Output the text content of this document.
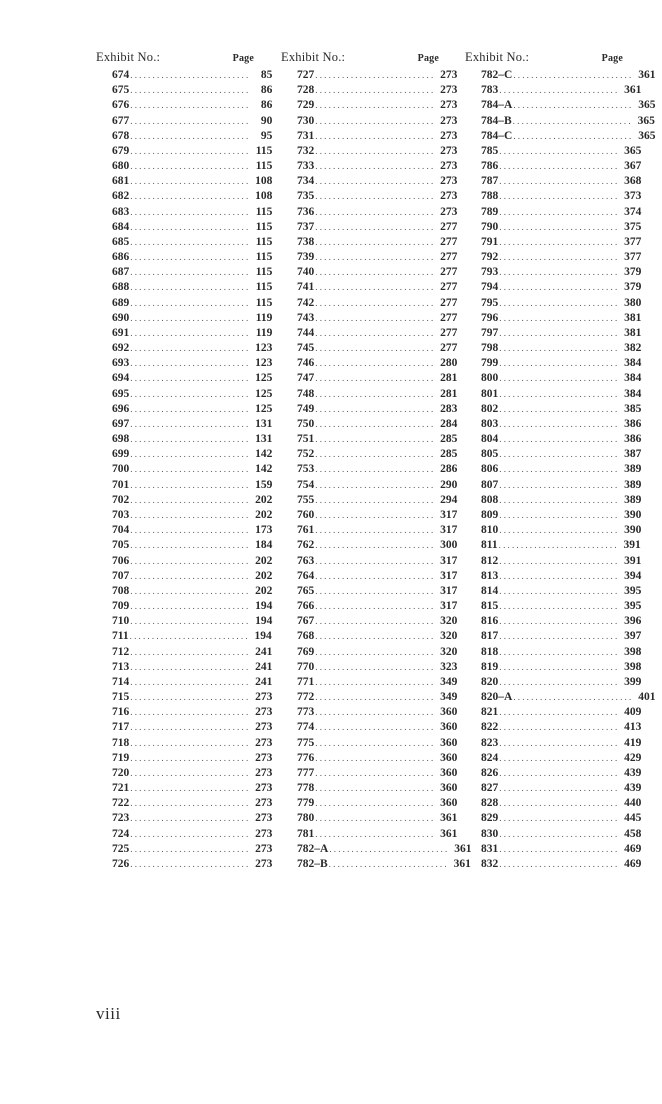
Exhibit No.:	Page
674 ........................... 85
675 ........................... 86
676 ........................... 86
677 ........................... 90
678 ........................... 95
679 ........................... 115
680 ........................... 115
681 ........................... 108
682 ........................... 108
683 ........................... 115
684 ........................... 115
685 ........................... 115
686 ........................... 115
687 ........................... 115
688 ........................... 115
689 ........................... 115
690 ........................... 119
691 ........................... 119
692 ........................... 123
693 ........................... 123
694 ........................... 125
695 ........................... 125
696 ........................... 125
697 ........................... 131
698 ........................... 131
699 ........................... 142
700 ........................... 142
701 ........................... 159
702 ........................... 202
703 ........................... 202
704 ........................... 173
705 ........................... 184
706 ........................... 202
707 ........................... 202
708 ........................... 202
709 ........................... 194
710 ........................... 194
711 ........................... 194
712 ........................... 241
713 ........................... 241
714 ........................... 241
715 ........................... 273
716 ........................... 273
717 ........................... 273
718 ........................... 273
719 ........................... 273
720 ........................... 273
721 ........................... 273
722 ........................... 273
723 ........................... 273
724 ........................... 273
725 ........................... 273
726 ........................... 273
Exhibit No.:	Page
727 ........................... 273
728 ........................... 273
729 ........................... 273
730 ........................... 273
731 ........................... 273
732 ........................... 273
733 ........................... 273
734 ........................... 273
735 ........................... 273
736 ........................... 273
737 ........................... 277
738 ........................... 277
739 ........................... 277
740 ........................... 277
741 ........................... 277
742 ........................... 277
743 ........................... 277
744 ........................... 277
745 ........................... 277
746 ........................... 280
747 ........................... 281
748 ........................... 281
749 ........................... 283
750 ........................... 284
751 ........................... 285
752 ........................... 285
753 ........................... 286
754 ........................... 290
755 ........................... 294
760 ........................... 317
761 ........................... 317
762 ........................... 300
763 ........................... 317
764 ........................... 317
765 ........................... 317
766 ........................... 317
767 ........................... 320
768 ........................... 320
769 ........................... 320
770 ........................... 323
771 ........................... 349
772 ........................... 349
773 ........................... 360
774 ........................... 360
775 ........................... 360
776 ........................... 360
777 ........................... 360
778 ........................... 360
779 ........................... 360
780 ........................... 361
781 ........................... 361
782–A ........................... 361
782–B ........................... 361
Exhibit No.:	Page
782–C ........................... 361
783 ........................... 361
784–A ........................... 365
784–B ........................... 365
784–C ........................... 365
785 ........................... 365
786 ........................... 367
787 ........................... 368
788 ........................... 373
789 ........................... 374
790 ........................... 375
791 ........................... 377
792 ........................... 377
793 ........................... 379
794 ........................... 379
795 ........................... 380
796 ........................... 381
797 ........................... 381
798 ........................... 382
799 ........................... 384
800 ........................... 384
801 ........................... 384
802 ........................... 385
803 ........................... 386
804 ........................... 386
805 ........................... 387
806 ........................... 389
807 ........................... 389
808 ........................... 389
809 ........................... 390
810 ........................... 390
811 ........................... 391
812 ........................... 391
813 ........................... 394
814 ........................... 395
815 ........................... 395
816 ........................... 396
817 ........................... 397
818 ........................... 398
819 ........................... 398
820 ........................... 399
820–A ........................... 401
821 ........................... 409
822 ........................... 413
823 ........................... 419
824 ........................... 429
826 ........................... 439
827 ........................... 439
828 ........................... 440
829 ........................... 445
830 ........................... 458
831 ........................... 469
832 ........................... 469
viii
